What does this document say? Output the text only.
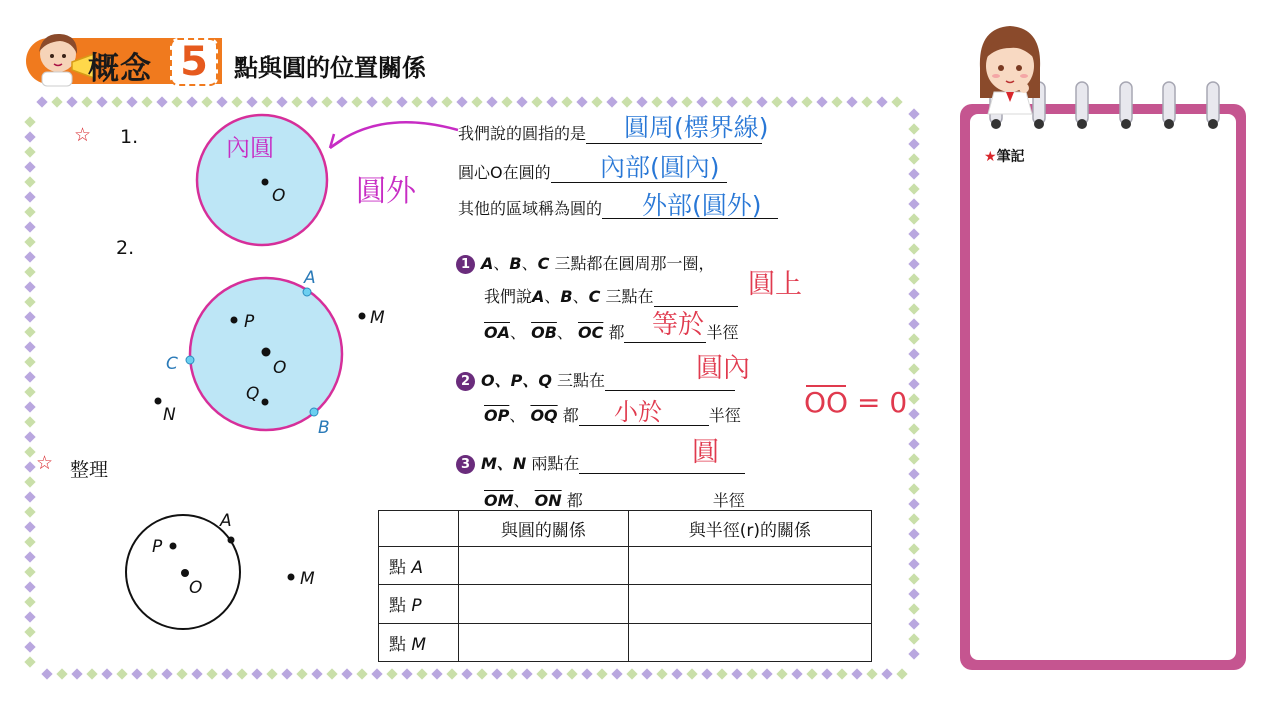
概念 5	點與圓的位置關係
☆ 1.
2.
☆ 整理
O
內圓
圓外
A
B
C
P
O
Q
M
N
A
P
O	M
我們說的圓指的是	圓周(標界線)
圓心O在圓的	內部(圓內)
其他的區域稱為圓的	外部(圓外)
1 A、B、C 三點都在圓周那一圈，
我們說A、B、C 三點在	圓上
$\overline{OA}$、 $\overline{OB}$、 $\overline{OC}$ 都	半徑
等於
2 O、P、Q 三點在	圓內
$\overline{OP}$、 $\overline{OQ}$ 都	半徑
小於	OO = 0
3 M、N 兩點在	圓
$\overline{OM}$、 $\overline{ON}$ 都	半徑
	與圓的關係	與半徑(r)的關係
點 A		
點 P		
點 M		
★筆記
